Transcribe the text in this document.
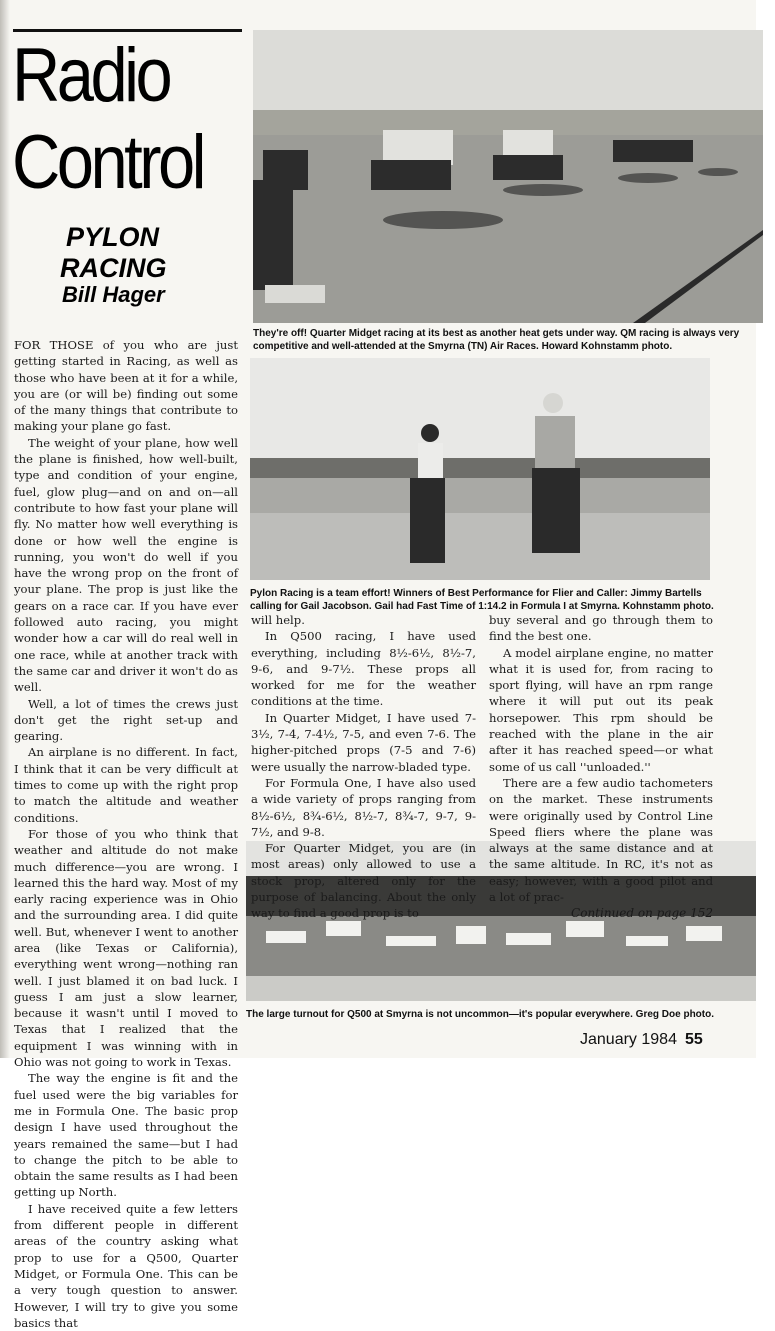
Radio
Control
PYLON
RACING
Bill Hager
They're off! Quarter Midget racing at its best as another heat gets under way. QM racing is always very competitive and well-attended at the Smyrna (TN) Air Races. Howard Kohnstamm photo.
Pylon Racing is a team effort! Winners of Best Performance for Flier and Caller: Jimmy Bartells calling for Gail Jacobson. Gail had Fast Time of 1:14.2 in Formula I at Smyrna. Kohnstamm photo.
The large turnout for Q500 at Smyrna is not uncommon—it's popular everywhere. Greg Doe photo.

FOR THOSE of you who are just getting started in Racing, as well as those who have been at it for a while, you are (or will be) finding out some of the many things that contribute to making your plane go fast.

The weight of your plane, how well the plane is finished, how well-built, type and condition of your engine, fuel, glow plug—and on and on—all contribute to how fast your plane will fly. No matter how well everything is done or how well the engine is running, you won't do well if you have the wrong prop on the front of your plane. The prop is just like the gears on a race car. If you have ever followed auto racing, you might wonder how a car will do real well in one race, while at another track with the same car and driver it won't do as well.

Well, a lot of times the crews just don't get the right set-up and gearing.

An airplane is no different. In fact, I think that it can be very difficult at times to come up with the right prop to match the altitude and weather conditions.

For those of you who think that weather and altitude do not make much difference—you are wrong. I learned this the hard way. Most of my early racing experience was in Ohio and the surrounding area. I did quite well. But, whenever I went to another area (like Texas or California), everything went wrong—nothing ran well. I just blamed it on bad luck. I guess I am just a slow learner, because it wasn't until I moved to Texas that I realized that the equipment I was winning with in Ohio was not going to work in Texas.

The way the engine is fit and the fuel used were the big variables for me in Formula One. The basic prop design I have used throughout the years remained the same—but I had to change the pitch to be able to obtain the same results as I had been getting up North.

I have received quite a few letters from different people in different areas of the country asking what prop to use for a Q500, Quarter Midget, or Formula One. This can be a very tough question to answer. However, I will try to give you some basics that

will help.

In Q500 racing, I have used everything, including 8½-6½, 8½-7, 9-6, and 9-7½. These props all worked for me for the weather conditions at the time.

In Quarter Midget, I have used 7-3½, 7-4, 7-4½, 7-5, and even 7-6. The higher-pitched props (7-5 and 7-6) were usually the narrow-bladed type.

For Formula One, I have also used a wide variety of props ranging from 8½-6½, 8¾-6½, 8½-7, 8¾-7, 9-7, 9-7½, and 9-8.

For Quarter Midget, you are (in most areas) only allowed to use a stock prop, altered only for the purpose of balancing. About the only way to find a good prop is to

buy several and go through them to find the best one.

A model airplane engine, no matter what it is used for, from racing to sport flying, will have an rpm range where it will put out its peak horsepower. This rpm should be reached with the plane in the air after it has reached speed—or what some of us call ''unloaded.''

There are a few audio tachometers on the market. These instruments were originally used by Control Line Speed fliers where the plane was always at the same distance and at the same altitude. In RC, it's not as easy; however, with a good pilot and a lot of prac-

Continued on page 152
January 1984 55
